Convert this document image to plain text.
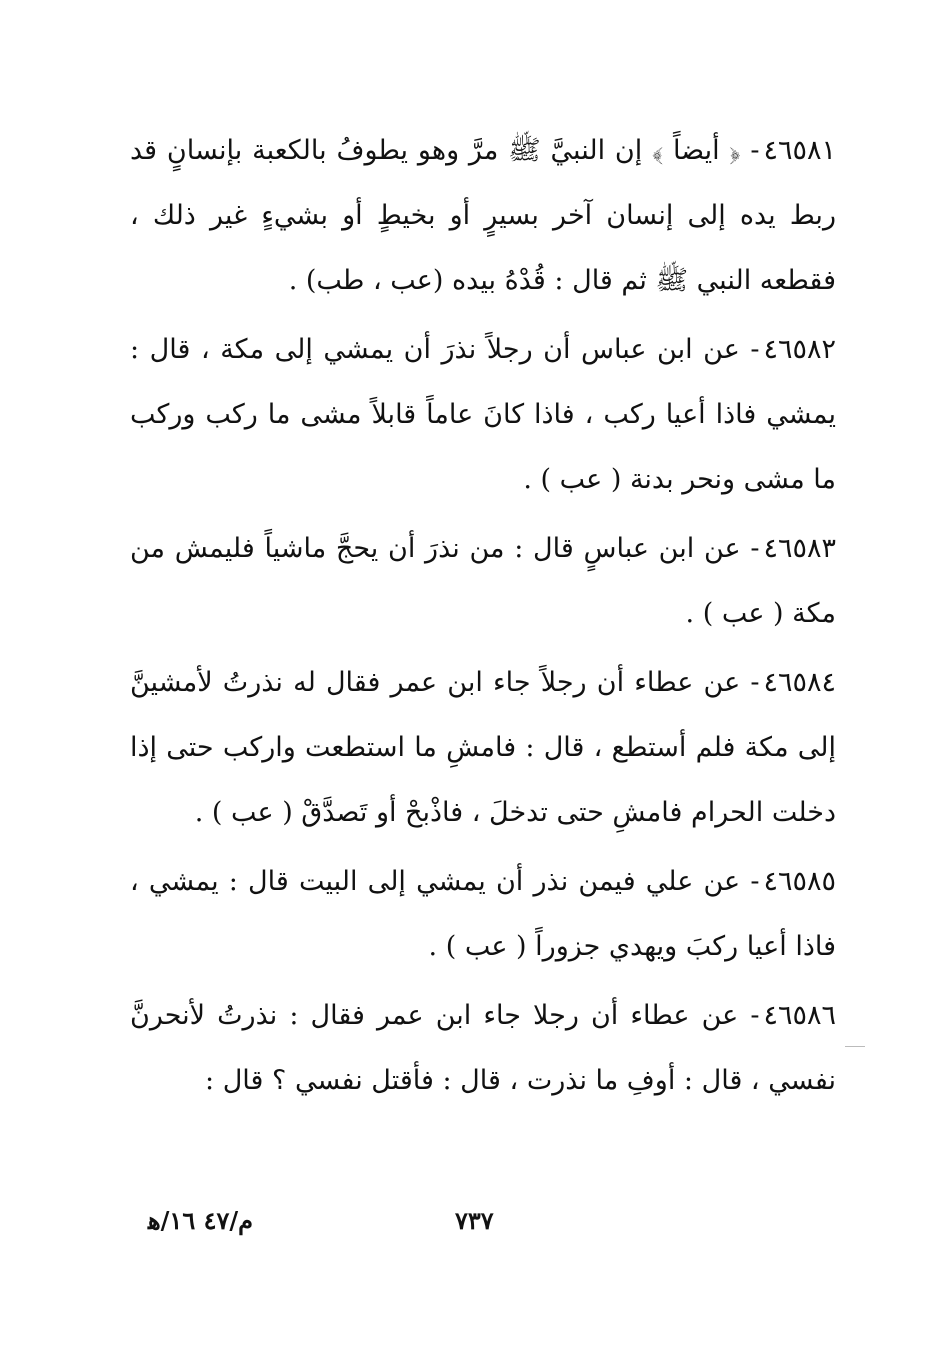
٤٦٥٨١- ﴿ أيضاً ﴾ إن النبيَّ ﷺ مرَّ وهو يطوفُ بالكعبة بإنسانٍ قد ربط يده إلى إنسان آخر بسيرٍ أو بخيطٍ أو بشيءٍ غير ذلك ، فقطعه النبي ﷺ ثم قال : قُدْهُ بيده (عب ، طب) .

٤٦٥٨٢- عن ابن عباس أن رجلاً نذرَ أن يمشي إلى مكة ، قال : يمشي فاذا أعيا ركب ، فاذا كانَ عاماً قابلاً مشى ما ركب وركب ما مشى ونحر بدنة ( عب ) .

٤٦٥٨٣- عن ابن عباسٍ قال : من نذرَ أن يحجَّ ماشياً فليمش من مكة ( عب ) .

٤٦٥٨٤- عن عطاء أن رجلاً جاء ابن عمر فقال له نذرتُ لأمشينَّ إلى مكة فلم أستطع ، قال : فامشِ ما استطعت واركب حتى إذا دخلت الحرام فامشِ حتى تدخلَ ، فاذْبحْ أو تَصدَّقْ ( عب ) .

٤٦٥٨٥- عن علي فيمن نذر أن يمشي إلى البيت قال : يمشي ، فاذا أعيا ركبَ ويهدي جزوراً ( عب ) .

٤٦٥٨٦- عن عطاء أن رجلا جاء ابن عمر فقال : نذرتُ لأنحرنَّ نفسي ، قال : أوفِ ما نذرت ، قال : فأقتل نفسي ؟ قال :

م/٤٧ ١٦/ﻫ	٧٣٧
